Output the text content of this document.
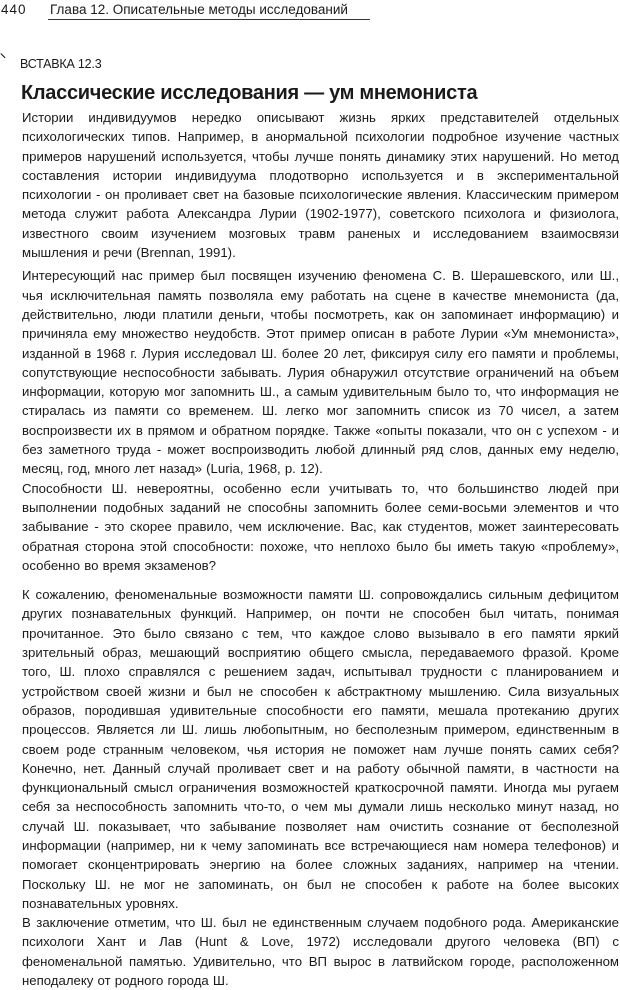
440 Глава 12. Описательные методы исследований
⸌ ВСТАВКА 12.3
Классические исследования — ум мнемониста

Истории индивидуумов нередко описывают жизнь ярких представителей отдельных психологических типов. Например, в анормальной психологии подробное изучение частных примеров нарушений используется, чтобы лучше понять динамику этих нарушений. Но метод составления истории индивидуума плодотворно используется и в экспериментальной психологии - он проливает свет на базовые психологические явления. Классическим примером метода служит работа Александра Лурии (1902-1977), советского психолога и физиолога, известного своим изучением мозговых травм раненых и исследованием взаимосвязи мышления и речи (Brennan, 1991).

Интересующий нас пример был посвящен изучению феномена С. В. Шерашевского, или Ш., чья исключительная память позволяла ему работать на сцене в качестве мнемониста (да, действительно, люди платили деньги, чтобы посмотреть, как он запоминает информацию) и причиняла ему множество неудобств. Этот пример описан в работе Лурии «Ум мнемониста», изданной в 1968 г. Лурия исследовал Ш. более 20 лет, фиксируя силу его памяти и проблемы, сопутствующие неспособности забывать. Лурия обнаружил отсутствие ограничений на объем информации, которую мог запомнить Ш., а самым удивительным было то, что информация не стиралась из памяти со временем. Ш. легко мог запомнить список из 70 чисел, а затем воспроизвести их в прямом и обратном порядке. Также «опыты показали, что он с успехом - и без заметного труда - может воспроизводить любой длинный ряд слов, данных ему неделю, месяц, год, много лет назад» (Luria, 1968, p. 12).

Способности Ш. невероятны, особенно если учитывать то, что большинство людей при выполнении подобных заданий не способны запомнить более семи-восьми элементов и что забывание - это скорее правило, чем исключение. Вас, как студентов, может заинтересовать обратная сторона этой способности: похоже, что неплохо было бы иметь такую «проблему», особенно во время экзаменов?

К сожалению, феноменальные возможности памяти Ш. сопровождались сильным дефицитом других познавательных функций. Например, он почти не способен был читать, понимая прочитанное. Это было связано с тем, что каждое слово вызывало в его памяти яркий зрительный образ, мешающий восприятию общего смысла, передаваемого фразой. Кроме того, Ш. плохо справлялся с решением задач, испытывал трудности с планированием и устройством своей жизни и был не способен к абстрактному мышлению. Сила визуальных образов, породившая удивительные способности его памяти, мешала протеканию других процессов. Является ли Ш. лишь любопытным, но бесполезным примером, единственным в своем роде странным человеком, чья история не поможет нам лучше понять самих себя? Конечно, нет. Данный случай проливает свет и на работу обычной памяти, в частности на функциональный смысл ограничения возможностей краткосрочной памяти. Иногда мы ругаем себя за неспособность запомнить что-то, о чем мы думали лишь несколько минут назад, но случай Ш. показывает, что забывание позволяет нам очистить сознание от бесполезной информации (например, ни к чему запоминать все встречающиеся нам номера телефонов) и помогает сконцентрировать энергию на более сложных заданиях, например на чтении. Поскольку Ш. не мог не запоминать, он был не способен к работе на более высоких познавательных уровнях.

В заключение отметим, что Ш. был не единственным случаем подобного рода. Американские психологи Хант и Лав (Hunt & Love, 1972) исследовали другого человека (ВП) с феноменальной памятью. Удивительно, что ВП вырос в латвийском городе, расположенном неподалеку от родного города Ш.
